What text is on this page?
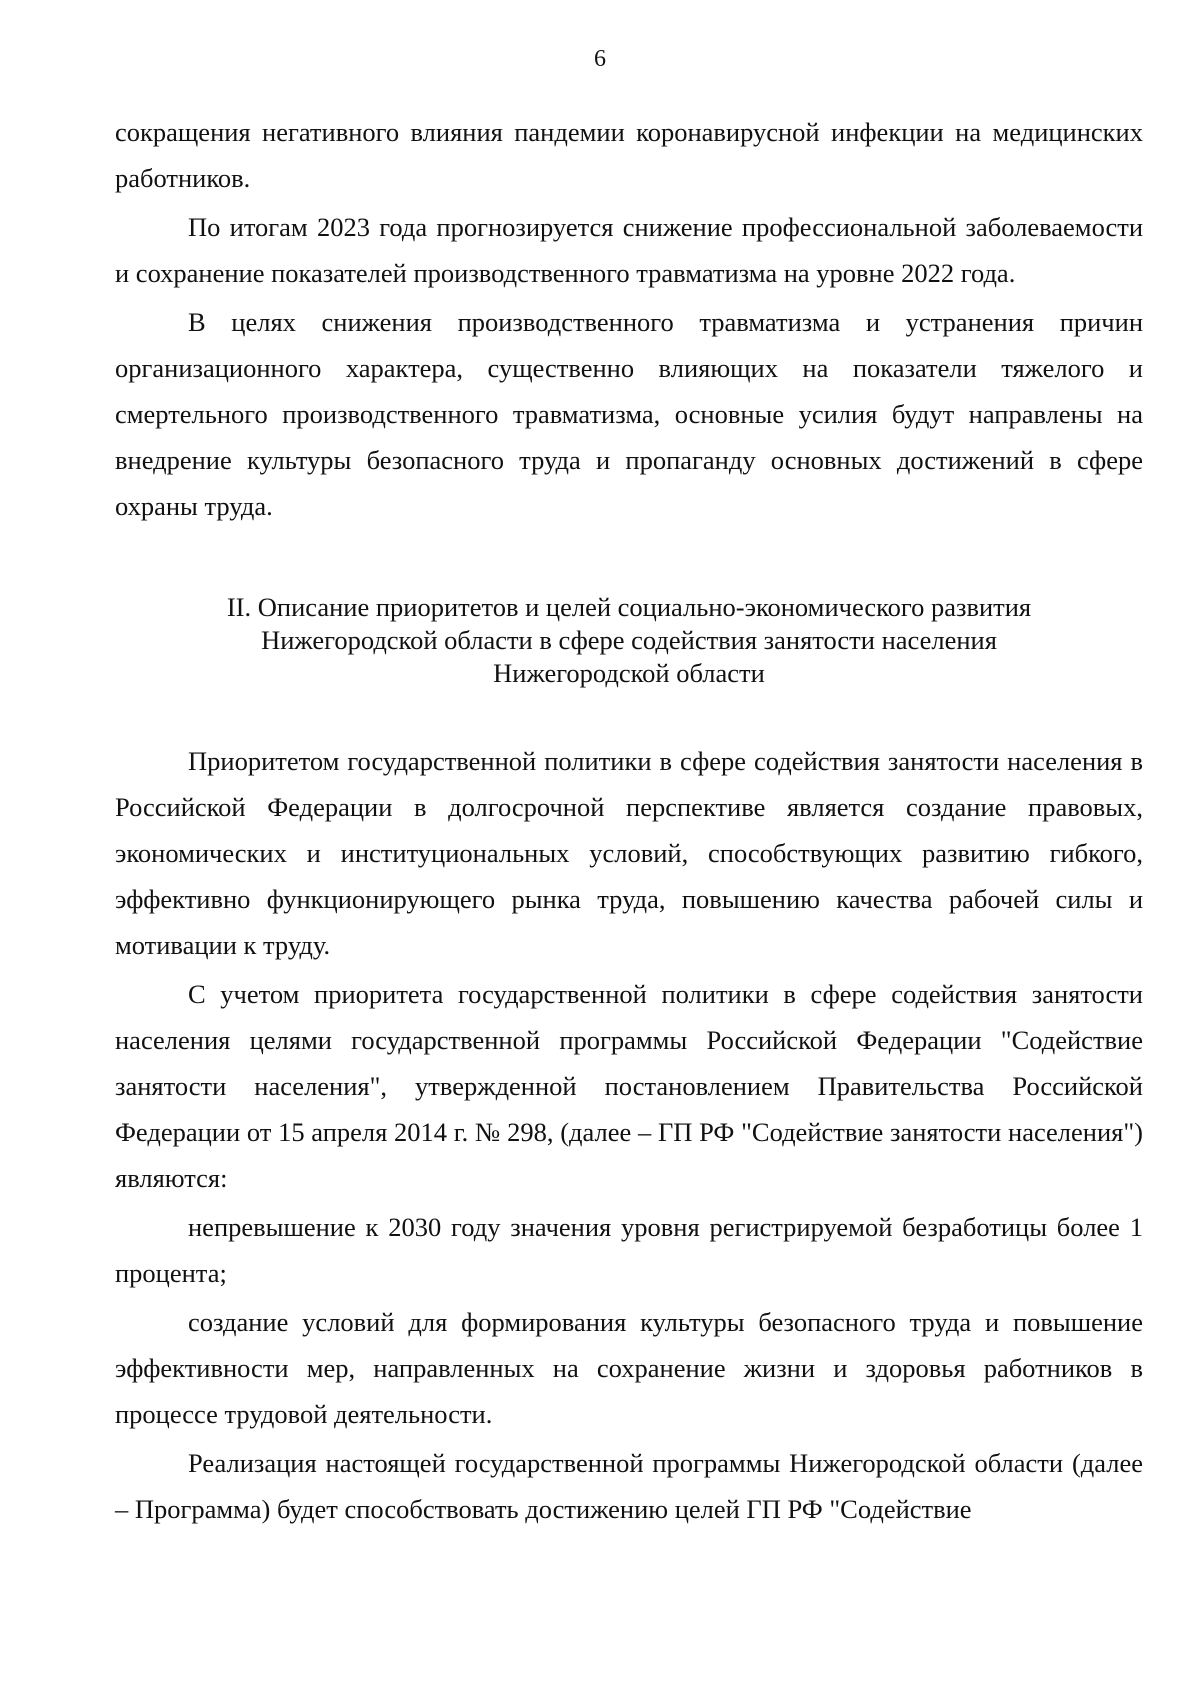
6

сокращения негативного влияния пандемии коронавирусной инфекции на медицинских работников.

По итогам 2023 года прогнозируется снижение профессиональной заболеваемости и сохранение показателей производственного травматизма на уровне 2022 года.

В целях снижения производственного травматизма и устранения причин организационного характера, существенно влияющих на показатели тяжелого и смертельного производственного травматизма, основные усилия будут направлены на внедрение культуры безопасного труда и пропаганду основных достижений в сфере охраны труда.

II. Описание приоритетов и целей социально-экономического развития
Нижегородской области в сфере содействия занятости населения
Нижегородской области

Приоритетом государственной политики в сфере содействия занятости населения в Российской Федерации в долгосрочной перспективе является создание правовых, экономических и институциональных условий, способствующих развитию гибкого, эффективно функционирующего рынка труда, повышению качества рабочей силы и мотивации к труду.

С учетом приоритета государственной политики в сфере содействия занятости населения целями государственной программы Российской Федерации "Содействие занятости населения", утвержденной постановлением Правительства Российской Федерации от 15 апреля 2014 г. № 298, (далее – ГП РФ "Содействие занятости населения") являются:

непревышение к 2030 году значения уровня регистрируемой безработицы более 1 процента;

создание условий для формирования культуры безопасного труда и повышение эффективности мер, направленных на сохранение жизни и здоровья работников в процессе трудовой деятельности.

Реализация настоящей государственной программы Нижегородской области (далее – Программа) будет способствовать достижению целей ГП РФ "Содействие
